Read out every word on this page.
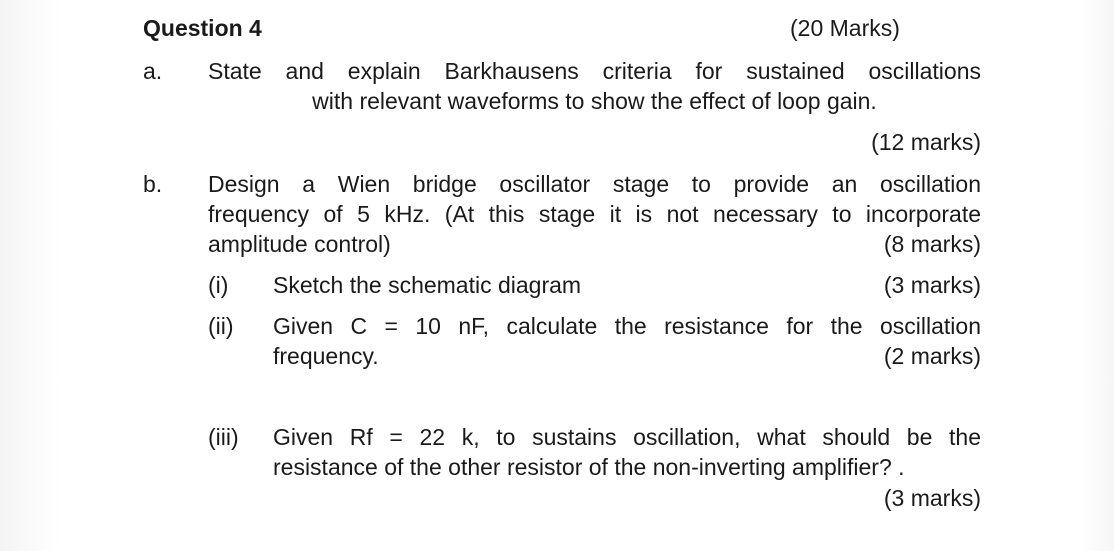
Question 4	(20 Marks)
a. State and explain Barkhausens criteria for sustained oscillations
with relevant waveforms to show the effect of loop gain.
(12 marks)
b. Design a Wien bridge oscillator stage to provide an oscillation
frequency of 5 kHz. (At this stage it is not necessary to incorporate
amplitude control)	(8 marks)
(i) Sketch the schematic diagram	(3 marks)
(ii) Given C = 10 nF, calculate the resistance for the oscillation
frequency.	(2 marks)
(iii) Given Rf = 22 k, to sustains oscillation, what should be the
resistance of the other resistor of the non-inverting amplifier? .
(3 marks)
